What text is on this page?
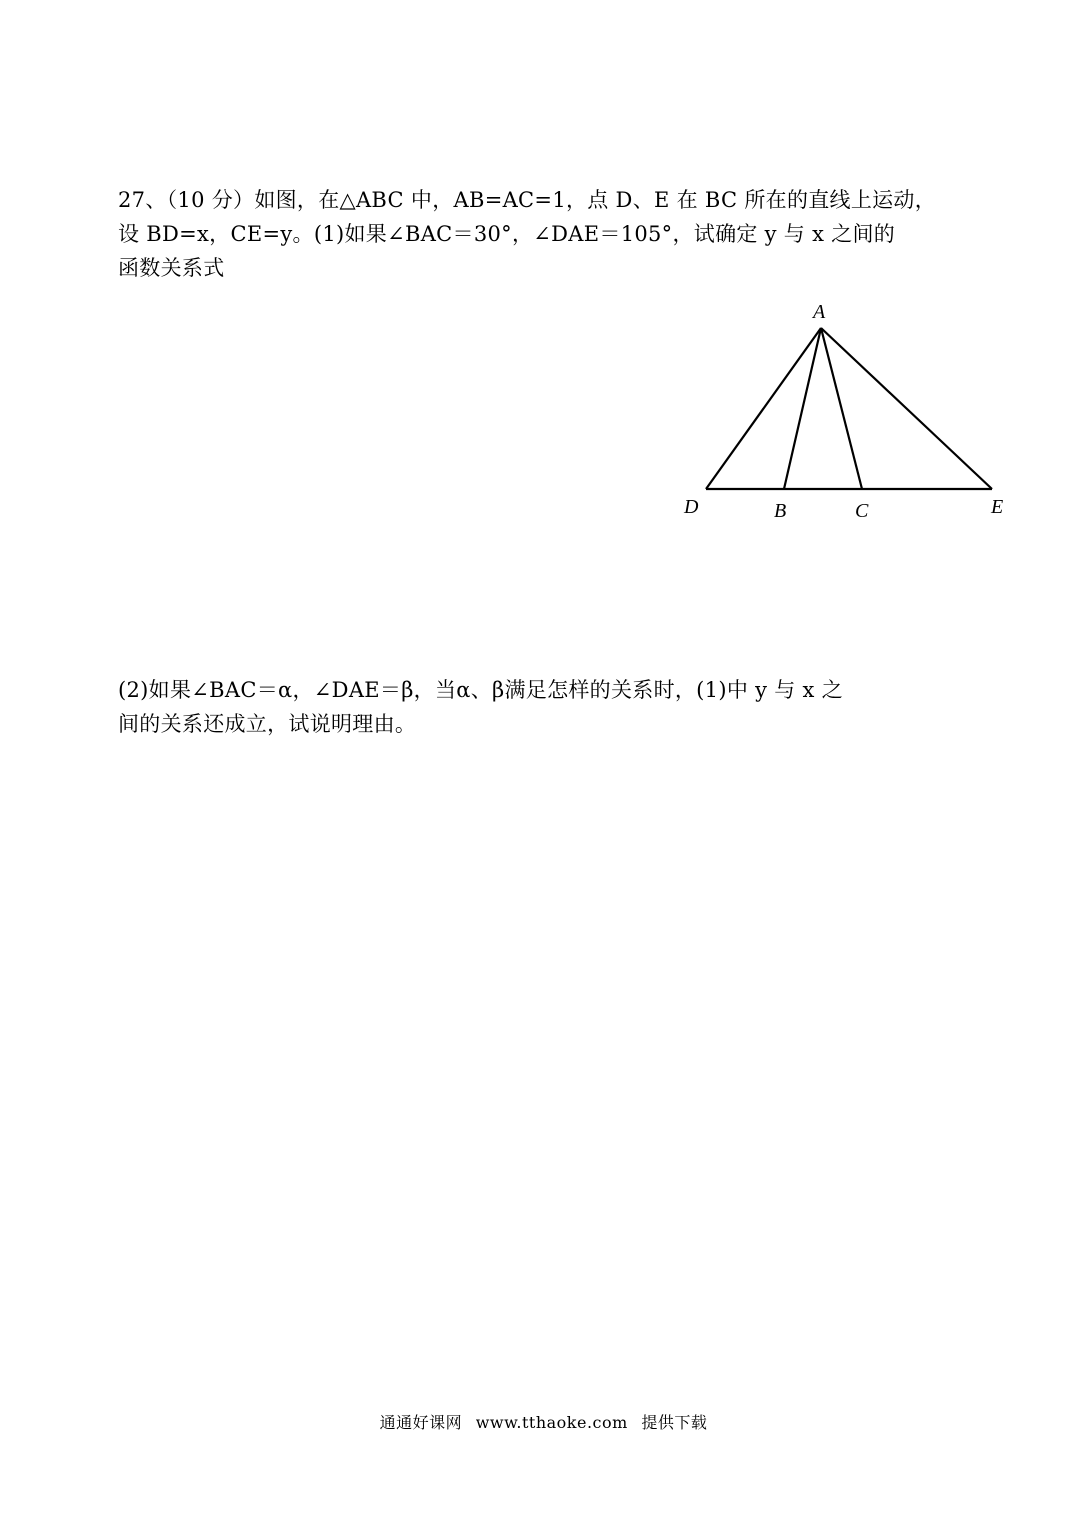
27、（10 分）如图，在△ABC 中，AB=AC=1，点 D、E 在 BC 所在的直线上运动，

设 BD=x，CE=y。(1)如果∠BAC＝30°，∠DAE＝105°，试确定 y 与 x 之间的

函数关系式

A
D	B	C	E

(2)如果∠BAC＝α，∠DAE＝β，当α、β满足怎样的关系时，(1)中 y 与 x 之

间的关系还成立，试说明理由。

通通好课网 www.tthaoke.com 提供下载
